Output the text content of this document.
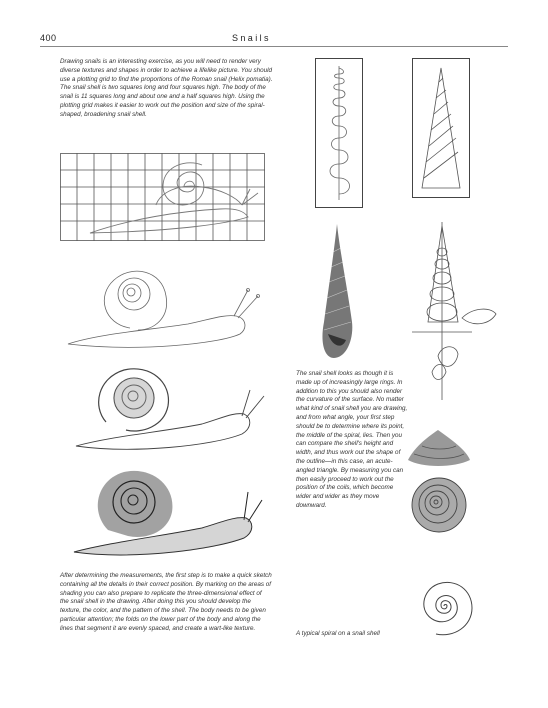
400	Snails

Drawing snails is an interesting exercise, as you will need to render very diverse textures and shapes in order to achieve a lifelike picture. You should use a plotting grid to find the proportions of the Roman snail (Helix pomatia). The snail shell is two squares long and four squares high. The body of the snail is 11 squares long and about one and a half squares high. Using the plotting grid makes it easier to work out the position and size of the spiral-shaped, broadening snail shell.

After determining the measurements, the first step is to make a quick sketch containing all the details in their correct position. By marking on the areas of shading you can also prepare to replicate the three-dimensional effect of the snail shell in the drawing. After doing this you should develop the texture, the color, and the pattern of the shell. The body needs to be given particular attention; the folds on the lower part of the body and along the lines that segment it are evenly spaced, and create a wart-like texture.

The snail shell looks as though it is made up of increasingly large rings. In addition to this you should also render the curvature of the surface. No matter what kind of snail shell you are drawing, and from what angle, your first step should be to determine where its point, the middle of the spiral, lies. Then you can compare the shell's height and width, and thus work out the shape of the outline—in this case, an acute-angled triangle. By measuring you can then easily proceed to work out the position of the coils, which become wider and wider as they move downward.

A typical spiral on a snail shell
